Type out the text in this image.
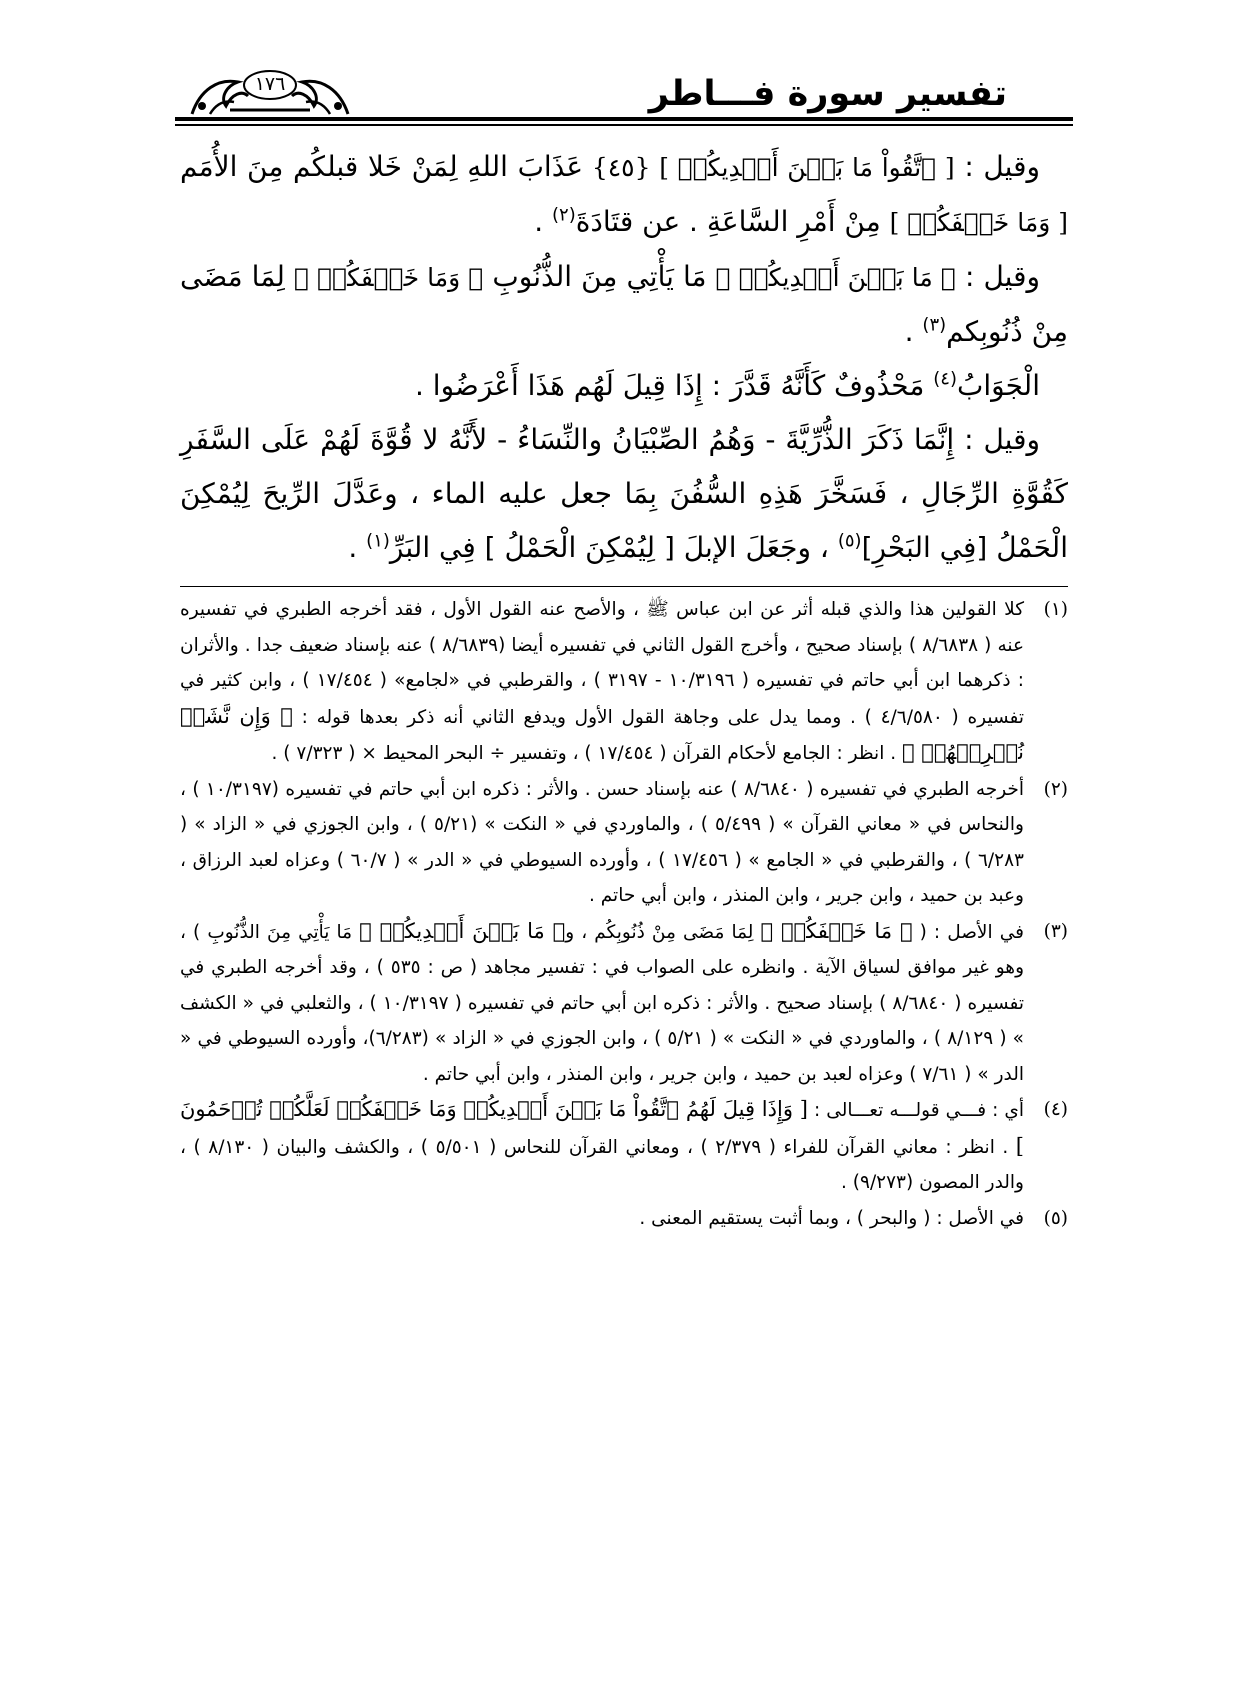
تفسير سورة فـــاطر
١٧٦

وقيل : [ ٱتَّقُواْ مَا بَيۡنَ أَيۡدِيكُمۡ ] {٤٥} عَذَابَ اللهِ لِمَنْ خَلا قبلكُم مِنَ الأُمَم [ وَمَا خَلۡفَكُمۡ ] مِنْ أَمْرِ السَّاعَةِ . عن قتَادَةَ$^{(٢)}$ .

وقيل : ﴿ مَا بَيۡنَ أَيۡدِيكُمۡ ﴾ مَا يَأْتِي مِنَ الذُّنُوبِ ﴿ وَمَا خَلۡفَكُمۡ ﴾ لِمَا مَضَى مِنْ ذُنُوبِكم$^{(٣)}$ .

الْجَوَابُ$^{(٤)}$ مَحْذُوفٌ كَأَنَّهُ قَدَّرَ : إِذَا قِيلَ لَهُم هَذَا أَعْرَضُوا .

وقيل : إِنَّمَا ذَكَرَ الذُّرِّيَّةَ - وَهُمُ الصِّبْيَانُ والنِّسَاءُ - لأَنَّهُ لا قُوَّةَ لَهُمْ عَلَى السَّفَرِ كَقُوَّةِ الرِّجَالِ ، فَسَخَّرَ هَذِهِ السُّفُنَ بِمَا جعل عليه الماء ، وعَدَّلَ الرِّيحَ لِيُمْكِنَ الْحَمْلُ [فِي البَحْرِ]$^{(٥)}$ ، وجَعَلَ الإبلَ [ لِيُمْكِنَ الْحَمْلُ ] فِي البَرِّ$^{(١)}$ .

(١)
كلا القولين هذا والذي قبله أثر عن ابن عباس ﷺ ، والأصح عنه القول الأول ، فقد أخرجه الطبري في تفسيره عنه ( ٨/٦٨٣٨ ) بإسناد صحيح ، وأخرج القول الثاني في تفسيره أيضا (٨/٦٨٣٩ ) عنه بإسناد ضعيف جدا . والأثران : ذكرهما ابن أبي حاتم في تفسيره ( ١٠/٣١٩٦ - ٣١٩٧ ) ، والقرطبي في «لجامع» ( ١٧/٤٥٤ ) ، وابن كثير في تفسيره ( ٤/٦/٥٨٠ ) . ومما يدل على وجاهة القول الأول ويدفع الثاني أنه ذكر بعدها قوله : ﴿ وَإِن نَّشَأۡ نُغۡرِقۡهُمۡ ﴾ . انظر : الجامع لأحكام القرآن ( ١٧/٤٥٤ ) ، وتفسير ÷ البحر المحيط × ( ٧/٣٢٣ ) .

(٢)
أخرجه الطبري في تفسيره ( ٨/٦٨٤٠ ) عنه بإسناد حسن . والأثر : ذكره ابن أبي حاتم في تفسيره (١٠/٣١٩٧ ) ، والنحاس في « معاني القرآن » ( ٥/٤٩٩ ) ، والماوردي في « النكت » (٥/٢١ ) ، وابن الجوزي في « الزاد » ( ٦/٢٨٣ ) ، والقرطبي في « الجامع » ( ١٧/٤٥٦ ) ، وأورده السيوطي في « الدر » ( ٦٠/٧ ) وعزاه لعبد الرزاق ، وعبد بن حميد ، وابن جرير ، وابن المنذر ، وابن أبي حاتم .

(٣)
في الأصل : ( ﴿ مَا خَلۡفَكُمۡ ﴾ لِمَا مَضَى مِنْ ذُنُوبِكُم ، و﴿ مَا بَيۡنَ أَيۡدِيكُمۡ ﴾ مَا يَأْتِي مِنَ الذُّنُوبِ ) ، وهو غير موافق لسياق الآية . وانظره على الصواب في : تفسير مجاهد ( ص : ٥٣٥ ) ، وقد أخرجه الطبري في تفسيره ( ٨/٦٨٤٠ ) بإسناد صحيح . والأثر : ذكره ابن أبي حاتم في تفسيره ( ١٠/٣١٩٧ ) ، والثعلبي في « الكشف » ( ٨/١٢٩ ) ، والماوردي في « النكت » ( ٥/٢١ ) ، وابن الجوزي في « الزاد » (٦/٢٨٣)، وأورده السيوطي في « الدر » ( ٧/٦١ ) وعزاه لعبد بن حميد ، وابن جرير ، وابن المنذر ، وابن أبي حاتم .

(٤)
أي : فـــي قولـــه تعـــالى : [ وَإِذَا قِيلَ لَهُمُ ٱتَّقُواْ مَا بَيۡنَ أَيۡدِيكُمۡ وَمَا خَلۡفَكُمۡ لَعَلَّكُمۡ تُرۡحَمُونَ ] . انظر : معاني القرآن للفراء ( ٢/٣٧٩ ) ، ومعاني القرآن للنحاس ( ٥/٥٠١ ) ، والكشف والبيان ( ٨/١٣٠ ) ، والدر المصون (٩/٢٧٣) .

(٥)
في الأصل : ( والبحر ) ، وبما أثبت يستقيم المعنى .
